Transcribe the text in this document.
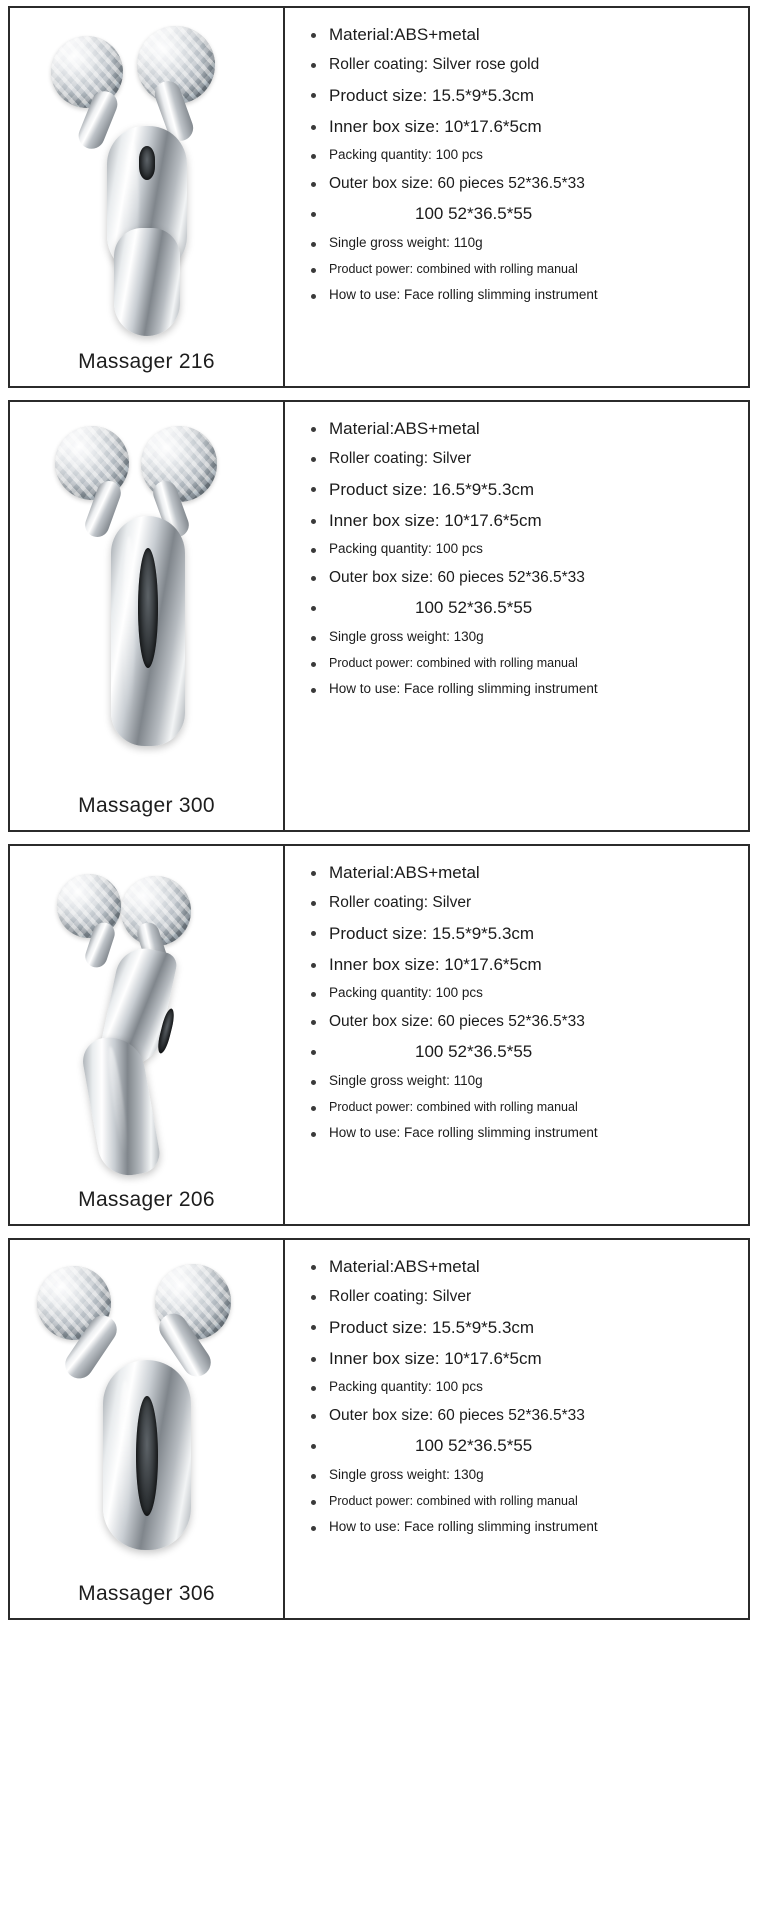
Massager 216
Material:ABS+metal
Roller coating: Silver rose gold
Product size: 15.5*9*5.3cm
Inner box size: 10*17.6*5cm
Packing quantity: 100 pcs
Outer box size: 60 pieces 52*36.5*33
100 52*36.5*55
Single gross weight: 110g
Product power: combined with rolling manual
How to use: Face rolling slimming instrument
Massager 300
Material:ABS+metal
Roller coating: Silver
Product size: 16.5*9*5.3cm
Inner box size: 10*17.6*5cm
Packing quantity: 100 pcs
Outer box size: 60 pieces 52*36.5*33
100 52*36.5*55
Single gross weight: 130g
Product power: combined with rolling manual
How to use: Face rolling slimming instrument
Massager 206
Material:ABS+metal
Roller coating: Silver
Product size: 15.5*9*5.3cm
Inner box size: 10*17.6*5cm
Packing quantity: 100 pcs
Outer box size: 60 pieces 52*36.5*33
100 52*36.5*55
Single gross weight: 110g
Product power: combined with rolling manual
How to use: Face rolling slimming instrument
Massager 306
Material:ABS+metal
Roller coating: Silver
Product size: 15.5*9*5.3cm
Inner box size: 10*17.6*5cm
Packing quantity: 100 pcs
Outer box size: 60 pieces 52*36.5*33
100 52*36.5*55
Single gross weight: 130g
Product power: combined with rolling manual
How to use: Face rolling slimming instrument
